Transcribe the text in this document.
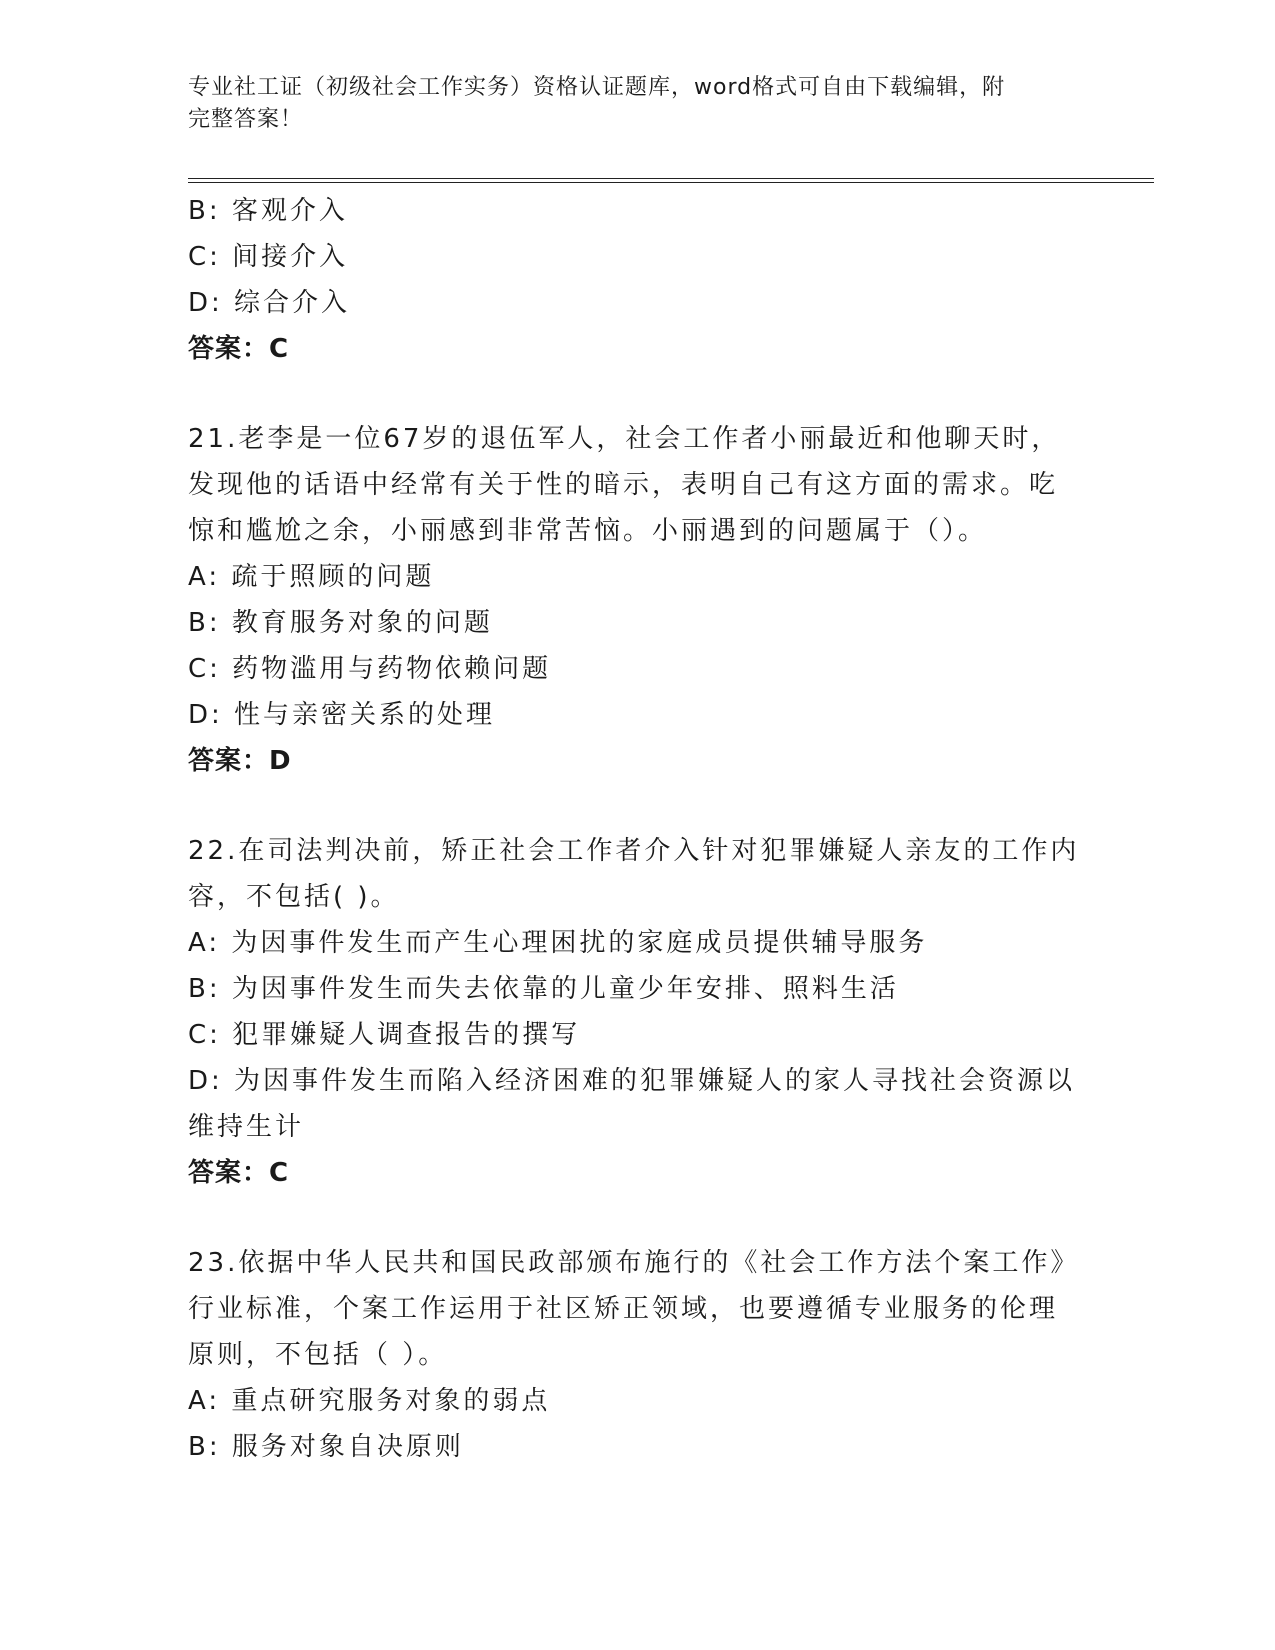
专业社工证（初级社会工作实务）资格认证题库，word格式可自由下载编辑，附
完整答案！
B: 客观介入
C: 间接介入
D: 综合介入
答案：C
21.老李是一位67岁的退伍军人，社会工作者小丽最近和他聊天时，
发现他的话语中经常有关于性的暗示，表明自己有这方面的需求。吃
惊和尴尬之余，小丽感到非常苦恼。小丽遇到的问题属于（）。
A: 疏于照顾的问题
B: 教育服务对象的问题
C: 药物滥用与药物依赖问题
D: 性与亲密关系的处理
答案：D
22.在司法判决前，矫正社会工作者介入针对犯罪嫌疑人亲友的工作内
容，不包括( )。
A: 为因事件发生而产生心理困扰的家庭成员提供辅导服务
B: 为因事件发生而失去依靠的儿童少年安排、照料生活
C: 犯罪嫌疑人调查报告的撰写
D: 为因事件发生而陷入经济困难的犯罪嫌疑人的家人寻找社会资源以
维持生计
答案：C
23.依据中华人民共和国民政部颁布施行的《社会工作方法个案工作》
行业标准，个案工作运用于社区矫正领域，也要遵循专业服务的伦理
原则，不包括（ ）。
A: 重点研究服务对象的弱点
B: 服务对象自决原则
